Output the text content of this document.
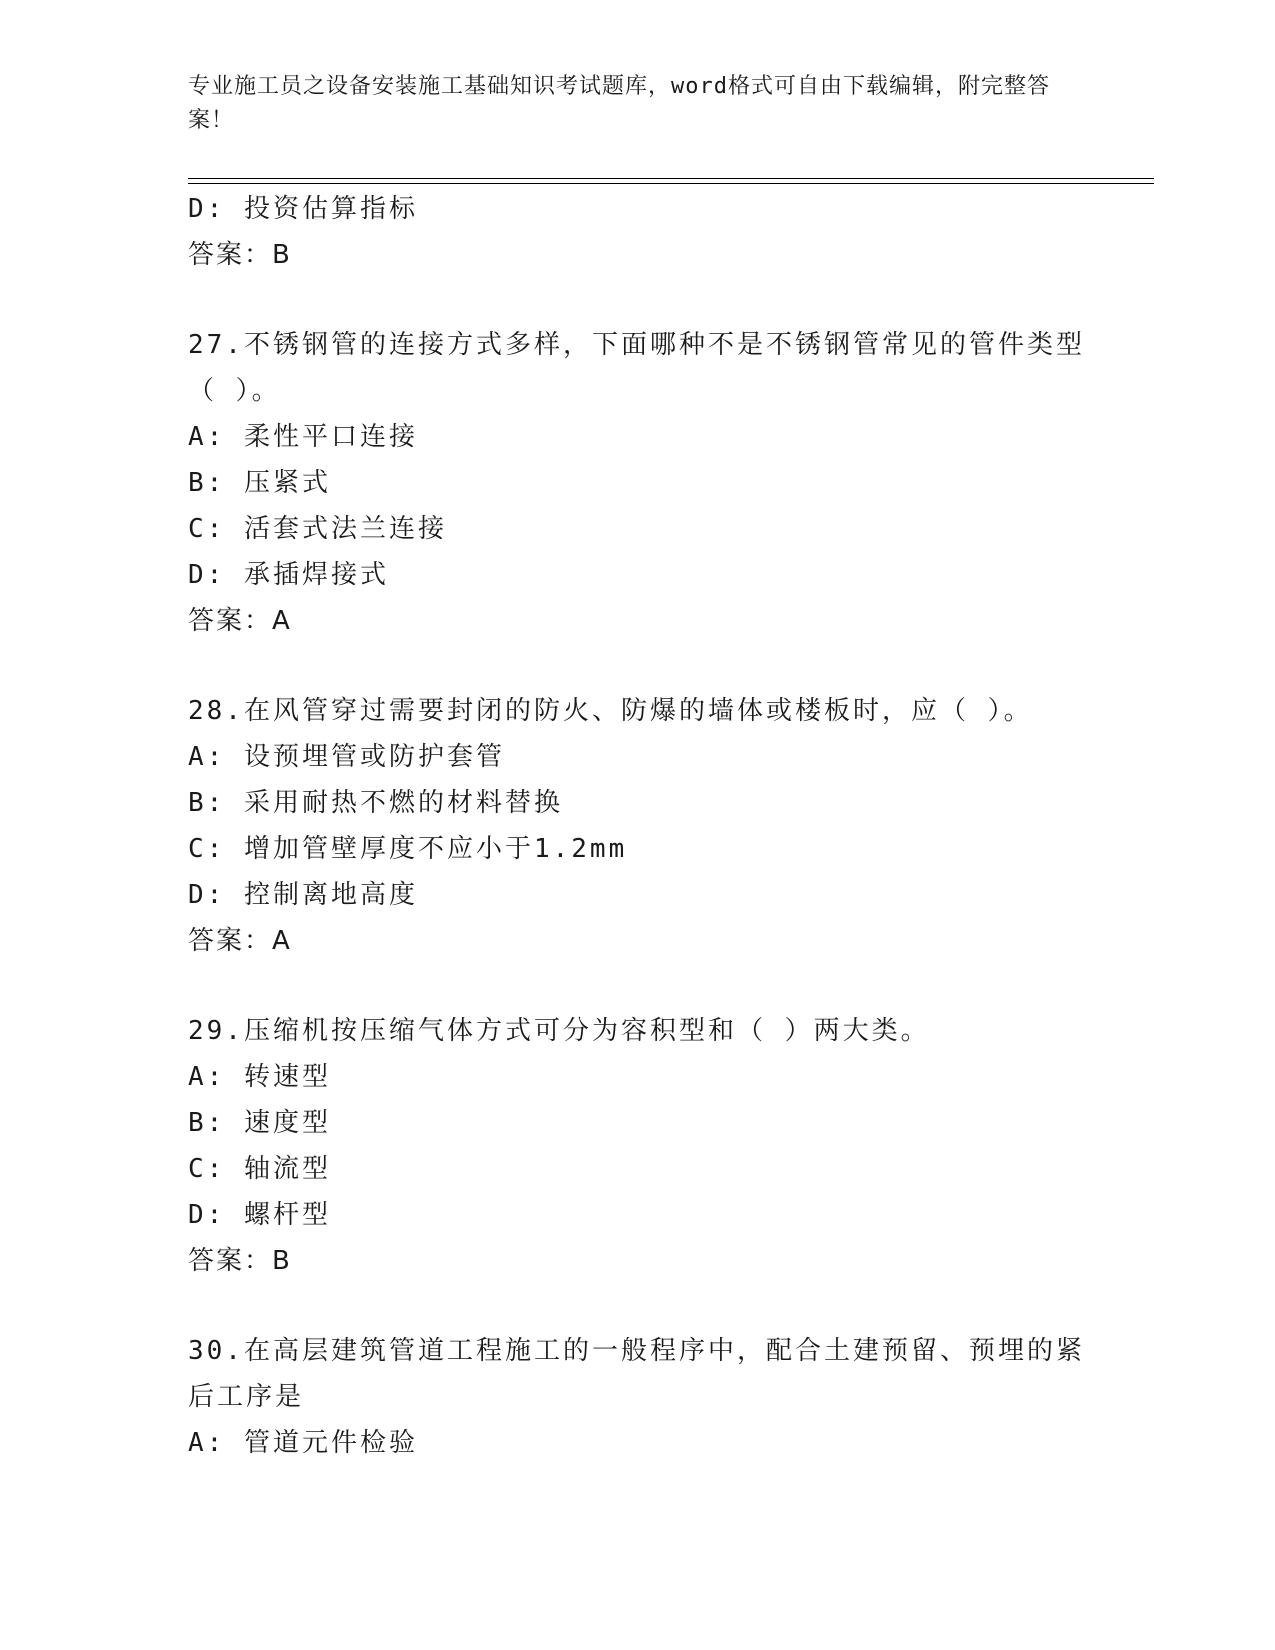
专业施工员之设备安装施工基础知识考试题库，word格式可自由下载编辑，附完整答案！

D: 投资估算指标

答案：B

27.不锈钢管的连接方式多样，下面哪种不是不锈钢管常见的管件类型（ ）。

A: 柔性平口连接

B: 压紧式

C: 活套式法兰连接

D: 承插焊接式

答案：A

28.在风管穿过需要封闭的防火、防爆的墙体或楼板时，应（ ）。

A: 设预埋管或防护套管

B: 采用耐热不燃的材料替换

C: 增加管壁厚度不应小于1.2mm

D: 控制离地高度

答案：A

29.压缩机按压缩气体方式可分为容积型和（ ）两大类。

A: 转速型

B: 速度型

C: 轴流型

D: 螺杆型

答案：B

30.在高层建筑管道工程施工的一般程序中，配合土建预留、预埋的紧后工序是

A: 管道元件检验
